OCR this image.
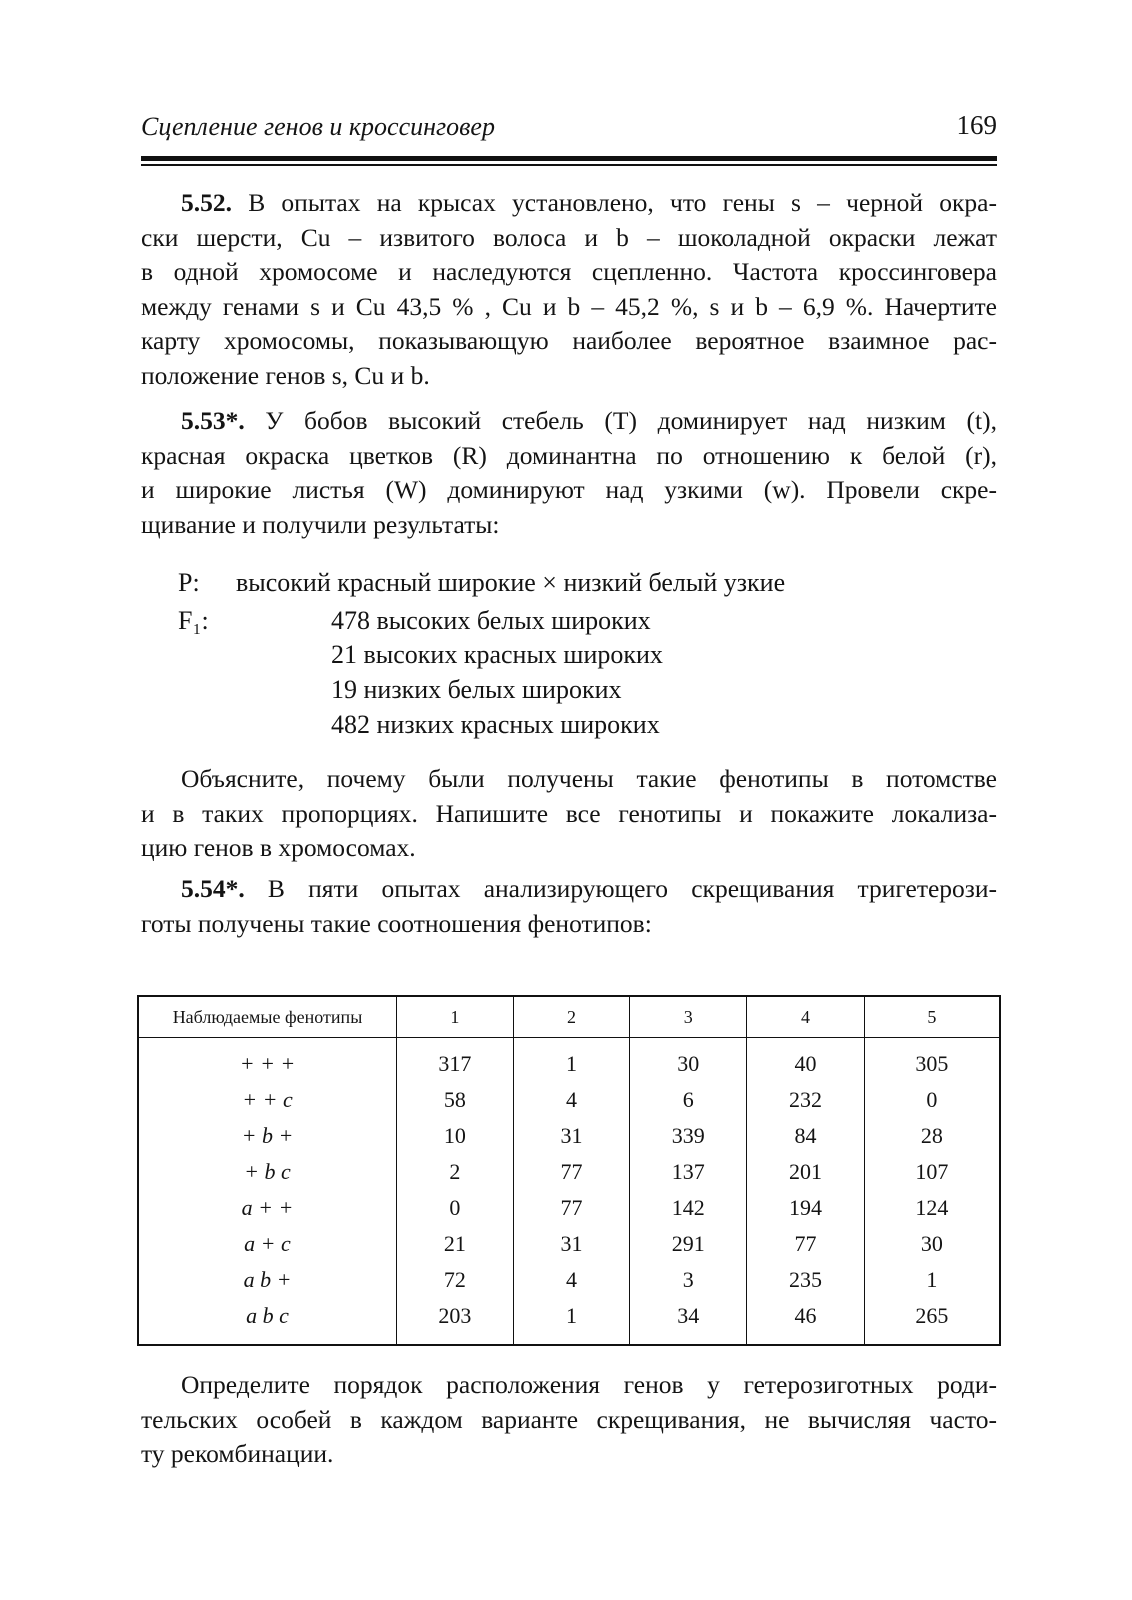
Сцепление генов и кроссинговер	169
5.52. В опытах на крысах установлено, что гены s – черной окра-
ски шерсти, Cu – извитого волоса и b – шоколадной окраски лежат
в одной хромосоме и наследуются сцепленно. Частота кроссинговера
между генами s и Cu 43,5 % , Cu и b – 45,2 %, s и b – 6,9 %. Начертите
карту хромосомы, показывающую наиболее вероятное взаимное рас-
положение генов s, Cu и b.
5.53*. У бобов высокий стебель (T) доминирует над низким (t),
красная окраска цветков (R) доминантна по отношению к белой (r),
и широкие листья (W) доминируют над узкими (w). Провели скре-
щивание и получили результаты:
P: высокий красный широкие × низкий белый узкие
F₁:	478 высоких белых широких
21 высоких красных широких
19 низких белых широких
482 низких красных широких
Объясните, почему были получены такие фенотипы в потомстве
и в таких пропорциях. Напишите все генотипы и покажите локализа-
цию генов в хромосомах.
5.54*. В пяти опытах анализирующего скрещивания тригетерози-
готы получены такие соотношения фенотипов:
Наблюдаемые фенотипы	1	2	3	4	5
+ + +	317	1	30	40	305
+ + c	58	4	6	232	0
+ b +	10	31	339	84	28
+ b c	2	77	137	201	107
a + +	0	77	142	194	124
a + c	21	31	291	77	30
a b +	72	4	3	235	1
a b c	203	1	34	46	265
Определите порядок расположения генов у гетерозиготных роди-
тельских особей в каждом варианте скрещивания, не вычисляя часто-
ту рекомбинации.
